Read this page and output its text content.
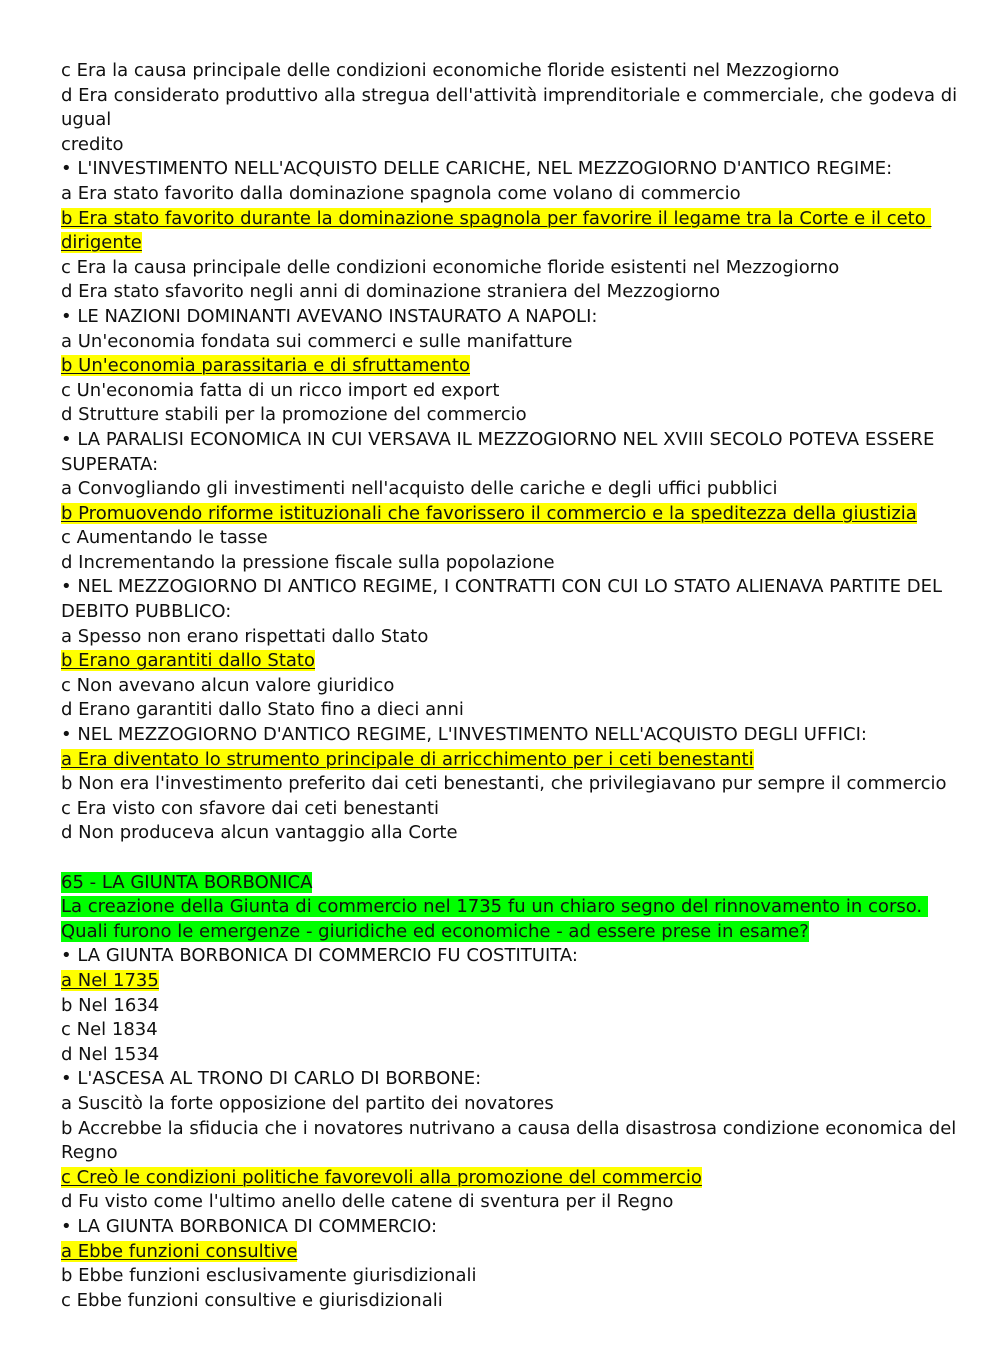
c Era la causa principale delle condizioni economiche floride esistenti nel Mezzogiorno
d Era considerato produttivo alla stregua dell'attività imprenditoriale e commerciale, che godeva di ugual
credito
• L'INVESTIMENTO NELL'ACQUISTO DELLE CARICHE, NEL MEZZOGIORNO D'ANTICO REGIME:
a Era stato favorito dalla dominazione spagnola come volano di commercio
b Era stato favorito durante la dominazione spagnola per favorire il legame tra la Corte e il ceto dirigente
c Era la causa principale delle condizioni economiche floride esistenti nel Mezzogiorno
d Era stato sfavorito negli anni di dominazione straniera del Mezzogiorno
• LE NAZIONI DOMINANTI AVEVANO INSTAURATO A NAPOLI:
a Un'economia fondata sui commerci e sulle manifatture
b Un'economia parassitaria e di sfruttamento
c Un'economia fatta di un ricco import ed export
d Strutture stabili per la promozione del commercio
• LA PARALISI ECONOMICA IN CUI VERSAVA IL MEZZOGIORNO NEL XVIII SECOLO POTEVA ESSERE SUPERATA:
a Convogliando gli investimenti nell'acquisto delle cariche e degli uffici pubblici
b Promuovendo riforme istituzionali che favorissero il commercio e la speditezza della giustizia
c Aumentando le tasse
d Incrementando la pressione fiscale sulla popolazione
• NEL MEZZOGIORNO DI ANTICO REGIME, I CONTRATTI CON CUI LO STATO ALIENAVA PARTITE DEL DEBITO PUBBLICO:
a Spesso non erano rispettati dallo Stato
b Erano garantiti dallo Stato
c Non avevano alcun valore giuridico
d Erano garantiti dallo Stato fino a dieci anni
• NEL MEZZOGIORNO D'ANTICO REGIME, L'INVESTIMENTO NELL'ACQUISTO DEGLI UFFICI:
a Era diventato lo strumento principale di arricchimento per i ceti benestanti
b Non era l'investimento preferito dai ceti benestanti, che privilegiavano pur sempre il commercio
c Era visto con sfavore dai ceti benestanti
d Non produceva alcun vantaggio alla Corte
65 - LA GIUNTA BORBONICA
La creazione della Giunta di commercio nel 1735 fu un chiaro segno del rinnovamento in corso. Quali furono le emergenze - giuridiche ed economiche - ad essere prese in esame?
• LA GIUNTA BORBONICA DI COMMERCIO FU COSTITUITA:
a Nel 1735
b Nel 1634
c Nel 1834
d Nel 1534
• L'ASCESA AL TRONO DI CARLO DI BORBONE:
a Suscitò la forte opposizione del partito dei novatores
b Accrebbe la sfiducia che i novatores nutrivano a causa della disastrosa condizione economica del Regno
c Creò le condizioni politiche favorevoli alla promozione del commercio
d Fu visto come l'ultimo anello delle catene di sventura per il Regno
• LA GIUNTA BORBONICA DI COMMERCIO:
a Ebbe funzioni consultive
b Ebbe funzioni esclusivamente giurisdizionali
c Ebbe funzioni consultive e giurisdizionali
